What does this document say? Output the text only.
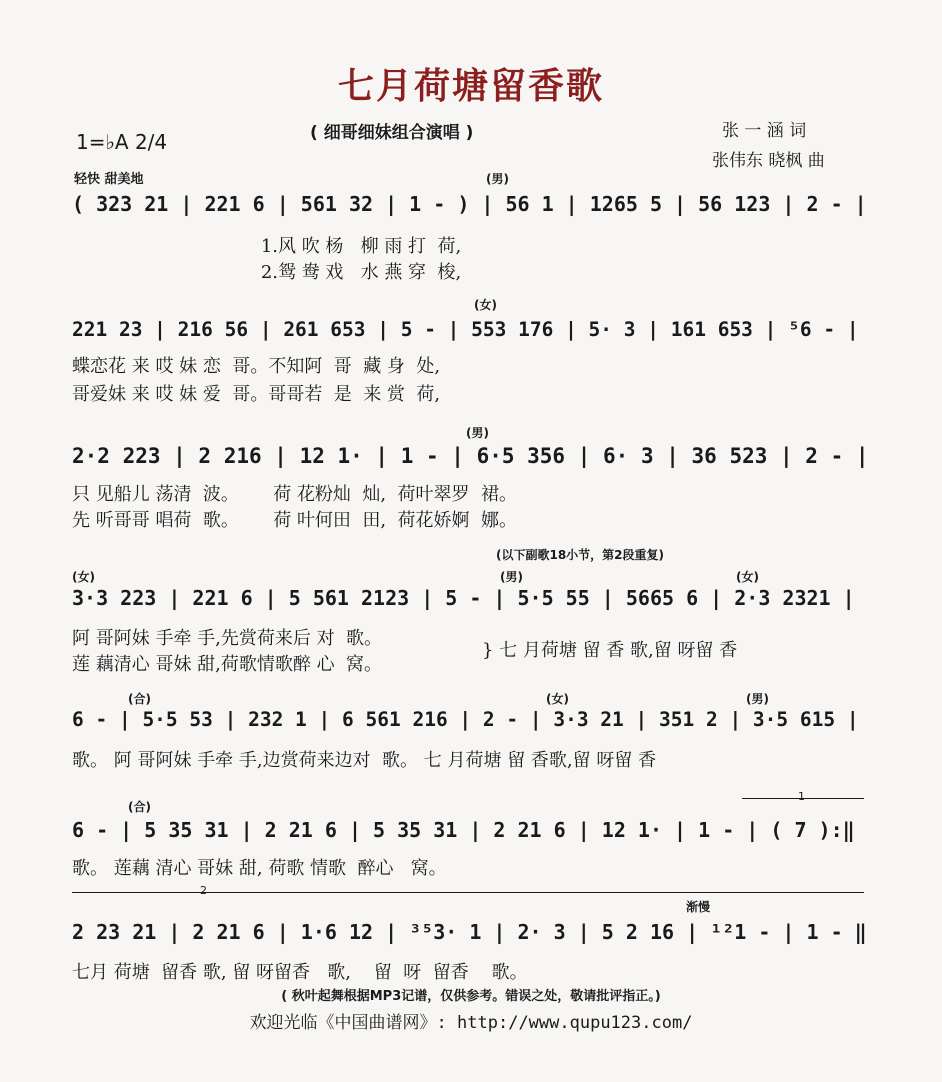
七月荷塘留香歌
( 细哥细妹组合演唱 )	张 一 涵 词
张伟东 晓枫 曲
1=♭A 2/4
轻快 甜美地	(男)
( 323 21 | 221 6 | 561 32 | 1 - ) | 56 1 | 1265 5 | 56 123 | 2 - |
1.风 吹 杨   柳 雨 打  荷,
2.鸳 鸯 戏   水 燕 穿  梭,
(女)
221 23 | 216 56 | 261 653 | 5 - | 553 176 | 5· 3 | 161 653 | ⁵6 - |
蝶恋花 来 哎 妹 恋  哥。不知阿  哥  藏 身  处,
哥爱妹 来 哎 妹 爱  哥。哥哥若  是  来 赏  荷,
(男)
2·2 223 | 2 216 | 12 1· | 1 - | 6·5 356 | 6· 3 | 36 523 | 2 - |
只 见船儿 荡清  波。      荷 花粉灿  灿,  荷叶翠罗  裙。
先 听哥哥 唱荷  歌。      荷 叶何田  田,  荷花娇婀  娜。
(以下副歌18小节，第2段重复)
(女)	(男)	(女)
3·3 223 | 221 6 | 5 561 2123 | 5 - | 5·5 55 | 5665 6 | 2·3 2321 |
阿 哥阿妹 手牵 手,先赏荷来后 对  歌。
莲 藕清心 哥妹 甜,荷歌情歌醉 心  窝。
} 七 月荷塘 留 香 歌,留 呀留 香
(合)	(女)	(男)
6 - | 5·5 53 | 232 1 | 6 561 216 | 2 - | 3·3 21 | 351 2 | 3·5 615 |
歌。 阿 哥阿妹 手牵 手,边赏荷来边对  歌。 七 月荷塘 留 香歌,留 呀留 香
(合)
1
6 - | 5 35 31 | 2 21 6 | 5 35 31 | 2 21 6 | 12 1· | 1 - | ( 7 ):‖
歌。 莲藕 清心 哥妹 甜, 荷歌 情歌  醉心   窝。
2
渐慢
2 23 21 | 2 21 6 | 1·6 12 | ³⁵3· 1 | 2· 3 | 5 2 16 | ¹²1 - | 1 - ‖
七月 荷塘  留香 歌, 留 呀留香   歌,    留  呀  留香    歌。
( 秋叶起舞根据MP3记谱，仅供参考。错误之处，敬请批评指正。)
欢迎光临《中国曲谱网》: http://www.qupu123.com/
